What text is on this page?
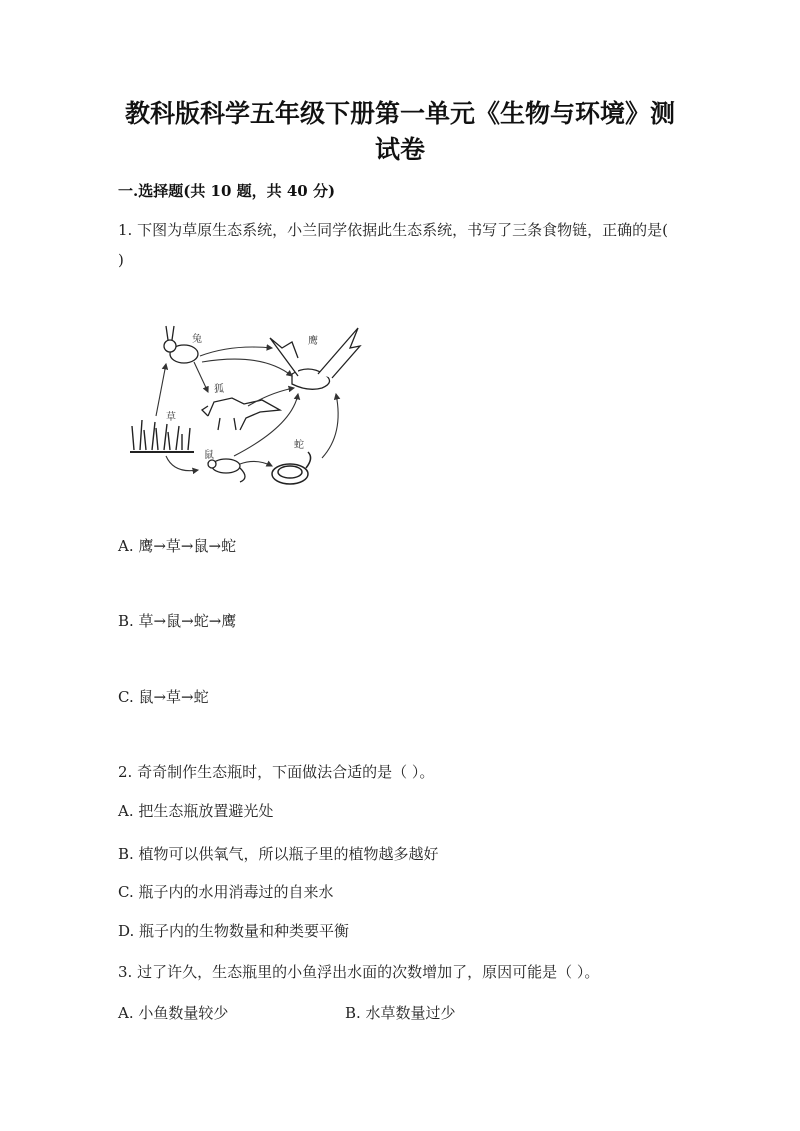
教科版科学五年级下册第一单元《生物与环境》测试卷
一.选择题(共 10 题，共 40 分)
1. 下图为草原生态系统，小兰同学依据此生态系统，书写了三条食物链，正确的是( )
草
兔
狐
鼠
蛇
鹰
A. 鹰→草→鼠→蛇
B. 草→鼠→蛇→鹰
C. 鼠→草→蛇
2. 奇奇制作生态瓶时，下面做法合适的是（ ）。
A. 把生态瓶放置避光处
B. 植物可以供氧气，所以瓶子里的植物越多越好
C. 瓶子内的水用消毒过的自来水
D. 瓶子内的生物数量和种类要平衡
3. 过了许久，生态瓶里的小鱼浮出水面的次数增加了，原因可能是（ ）。
A. 小鱼数量较少	B. 水草数量过少
